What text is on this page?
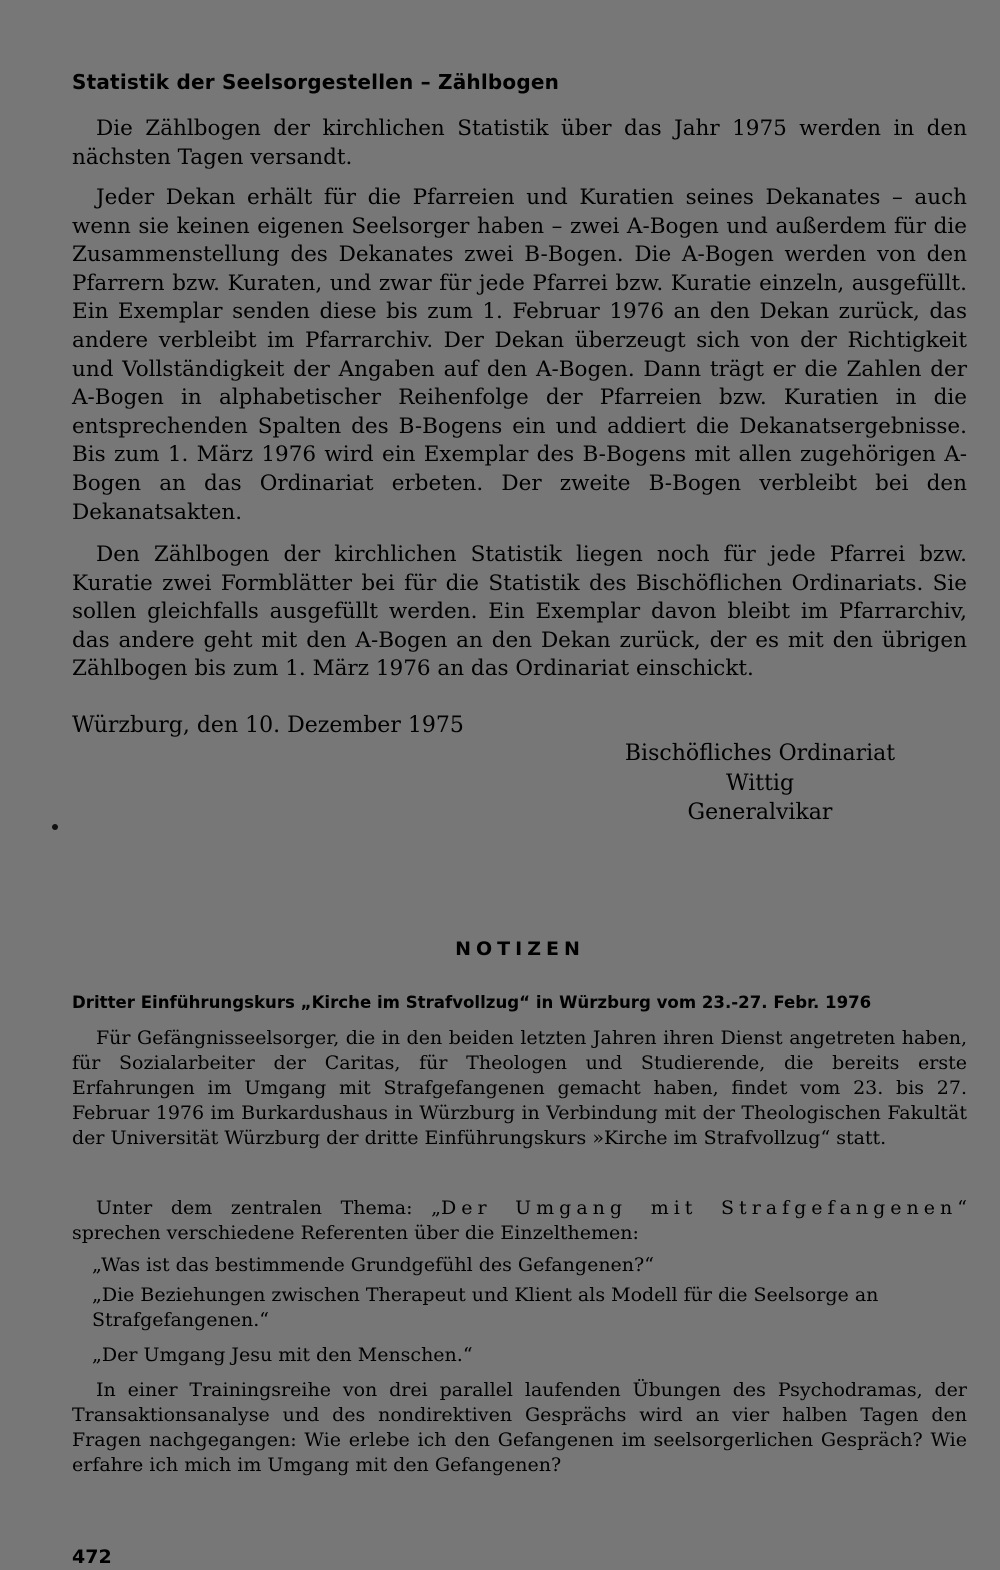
Statistik der Seelsorgestellen – Zählbogen
Die Zählbogen der kirchlichen Statistik über das Jahr 1975 werden in den nächsten Tagen versandt.
Jeder Dekan erhält für die Pfarreien und Kuratien seines Dekanates – auch wenn sie keinen eigenen Seelsorger haben – zwei A-Bogen und außerdem für die Zusammenstellung des Dekanates zwei B-Bogen. Die A-Bogen werden von den Pfarrern bzw. Kuraten, und zwar für jede Pfarrei bzw. Kuratie einzeln, ausgefüllt. Ein Exemplar senden diese bis zum 1. Februar 1976 an den Dekan zurück, das andere verbleibt im Pfarrarchiv. Der Dekan überzeugt sich von der Richtigkeit und Vollständigkeit der Angaben auf den A-Bogen. Dann trägt er die Zahlen der A-Bogen in alphabetischer Reihenfolge der Pfarreien bzw. Kuratien in die entsprechenden Spalten des B-Bogens ein und addiert die Dekanatsergebnisse. Bis zum 1. März 1976 wird ein Exemplar des B-Bogens mit allen zugehörigen A-Bogen an das Ordinariat erbeten. Der zweite B-Bogen verbleibt bei den Dekanatsakten.
Den Zählbogen der kirchlichen Statistik liegen noch für jede Pfarrei bzw. Kuratie zwei Formblätter bei für die Statistik des Bischöflichen Ordinariats. Sie sollen gleichfalls ausgefüllt werden. Ein Exemplar davon bleibt im Pfarrarchiv, das andere geht mit den A-Bogen an den Dekan zurück, der es mit den übrigen Zählbogen bis zum 1. März 1976 an das Ordinariat einschickt.
Würzburg, den 10. Dezember 1975
Bischöfliches Ordinariat
Wittig
Generalvikar
NOTIZEN
Dritter Einführungskurs „Kirche im Strafvollzug“ in Würzburg vom 23.-27. Febr. 1976
Für Gefängnisseelsorger, die in den beiden letzten Jahren ihren Dienst angetreten haben, für Sozialarbeiter der Caritas, für Theologen und Studierende, die bereits erste Erfahrungen im Umgang mit Strafgefangenen gemacht haben, findet vom 23. bis 27. Februar 1976 im Burkardushaus in Würzburg in Verbindung mit der Theologischen Fakultät der Universität Würzburg der dritte Einführungskurs »Kirche im Strafvollzug“ statt.
Unter dem zentralen Thema: „Der Umgang mit Strafgefangenen“ sprechen verschiedene Referenten über die Einzelthemen:
„Was ist das bestimmende Grundgefühl des Gefangenen?“
„Die Beziehungen zwischen Therapeut und Klient als Modell für die Seelsorge an Strafgefangenen.“
„Der Umgang Jesu mit den Menschen.“
In einer Trainingsreihe von drei parallel laufenden Übungen des Psychodramas, der Transaktionsanalyse und des nondirektiven Gesprächs wird an vier halben Tagen den Fragen nachgegangen: Wie erlebe ich den Gefangenen im seelsorgerlichen Gespräch? Wie erfahre ich mich im Umgang mit den Gefangenen?
472
